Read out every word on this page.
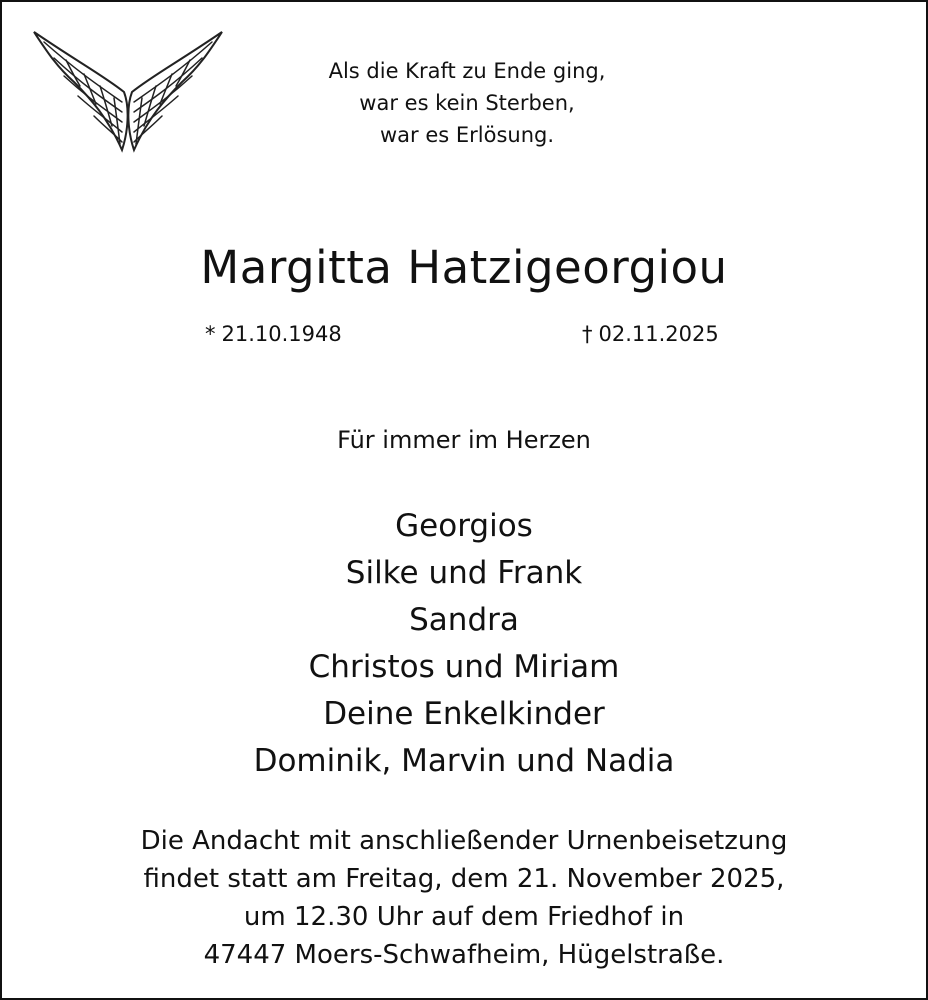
Als die Kraft zu Ende ging,
war es kein Sterben,
war es Erlösung.
Margitta Hatzigeorgiou
* 21.10.1948	† 02.11.2025
Für immer im Herzen
Georgios
Silke und Frank
Sandra
Christos und Miriam
Deine Enkelkinder
Dominik, Marvin und Nadia
Die Andacht mit anschließender Urnenbeisetzung
findet statt am Freitag, dem 21. November 2025,
um 12.30 Uhr auf dem Friedhof in
47447 Moers-Schwafheim, Hügelstraße.
